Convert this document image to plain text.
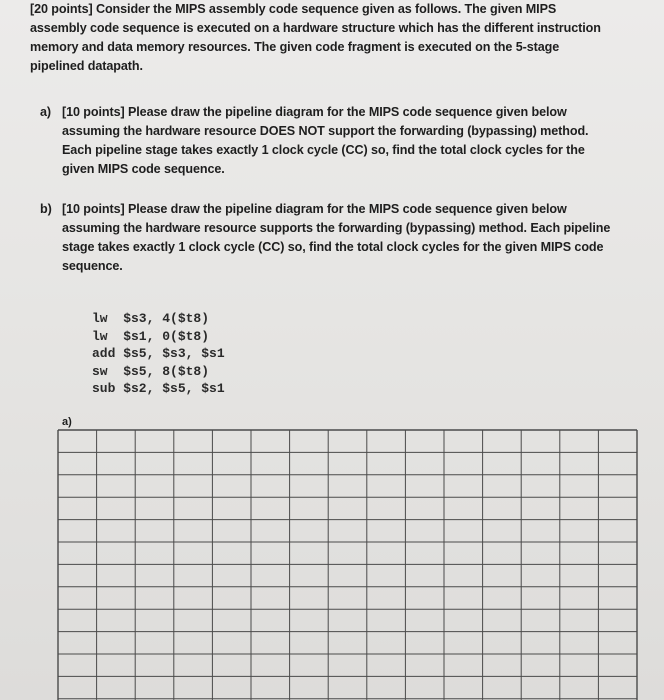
[20 points] Consider the MIPS assembly code sequence given as follows. The given MIPS
assembly code sequence is executed on a hardware structure which has the different instruction
memory and data memory resources. The given code fragment is executed on the 5-stage
pipelined datapath.
a) [10 points] Please draw the pipeline diagram for the MIPS code sequence given below
assuming the hardware resource DOES NOT support the forwarding (bypassing) method.
Each pipeline stage takes exactly 1 clock cycle (CC) so, find the total clock cycles for the
given MIPS code sequence.
b) [10 points] Please draw the pipeline diagram for the MIPS code sequence given below
assuming the hardware resource supports the forwarding (bypassing) method. Each pipeline
stage takes exactly 1 clock cycle (CC) so, find the total clock cycles for the given MIPS code
sequence.
lw  $s3, 4($t8)
lw  $s1, 0($t8)
add $s5, $s3, $s1
sw  $s5, 8($t8)
sub $s2, $s5, $s1
a)
